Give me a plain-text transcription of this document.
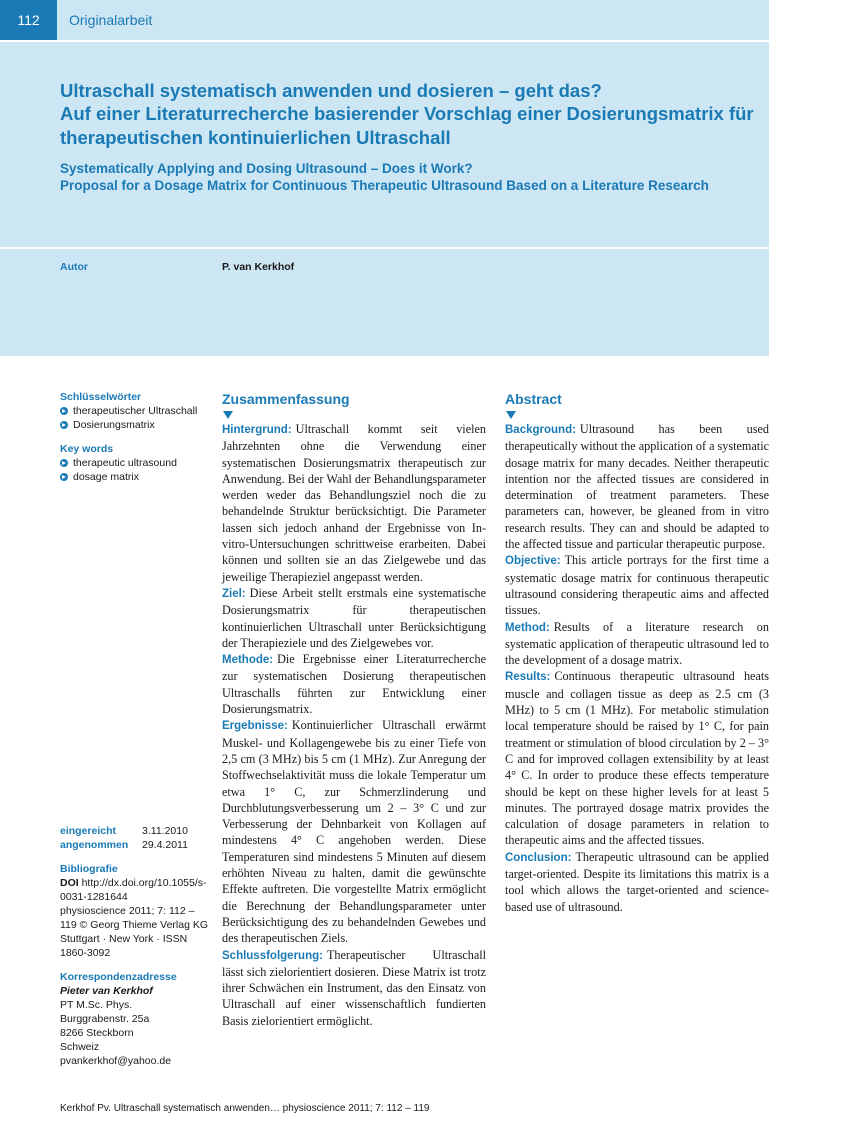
112	Originalarbeit
Ultraschall systematisch anwenden und dosieren – geht das?
Auf einer Literaturrecherche basierender Vorschlag einer Dosierungsmatrix für therapeutischen kontinuierlichen Ultraschall
Systematically Applying and Dosing Ultrasound – Does it Work?
Proposal for a Dosage Matrix for Continuous Therapeutic Ultrasound Based on a Literature Research
Autor	P. van Kerkhof

Schlüsselwörter

therapeutischer Ultraschall
Dosierungsmatrix

Key words

therapeutic ultrasound
dosage matrix
eingereicht 3.11.2010
angenommen 29.4.2011
Bibliografie
DOI http://dx.doi.org/10.1055/s-0031-1281644
physioscience 2011; 7: 112 – 119 © Georg Thieme Verlag KG Stuttgart · New York · ISSN 1860-3092
Korrespondenzadresse
Pieter van Kerkhof
PT M.Sc. Phys.
Burggrabenstr. 25a
8266 Steckborn
Schweiz
pvankerkhof@yahoo.de
Zusammenfassung

Hintergrund: Ultraschall kommt seit vielen Jahrzehnten ohne die Verwendung einer systematischen Dosierungsmatrix therapeutisch zur Anwendung. Bei der Wahl der Behandlungsparameter werden weder das Behandlungsziel noch die zu behandelnde Struktur berücksichtigt. Die Parameter lassen sich jedoch anhand der Ergebnisse von In-vitro-Untersuchungen schrittweise erarbeiten. Dabei können und sollten sie an das Zielgewebe und das jeweilige Therapieziel angepasst werden.

Ziel: Diese Arbeit stellt erstmals eine systematische Dosierungsmatrix für therapeutischen kontinuierlichen Ultraschall unter Berücksichtigung der Therapieziele und des Zielgewebes vor.

Methode: Die Ergebnisse einer Literaturrecherche zur systematischen Dosierung therapeutischen Ultraschalls führten zur Entwicklung einer Dosierungsmatrix.

Ergebnisse: Kontinuierlicher Ultraschall erwärmt Muskel- und Kollagengewebe bis zu einer Tiefe von 2,5 cm (3 MHz) bis 5 cm (1 MHz). Zur Anregung der Stoffwechselaktivität muss die lokale Temperatur um etwa 1° C, zur Schmerzlinderung und Durchblutungsverbesserung um 2 – 3° C und zur Verbesserung der Dehnbarkeit von Kollagen auf mindestens 4° C angehoben werden. Diese Temperaturen sind mindestens 5 Minuten auf diesem erhöhten Niveau zu halten, damit die gewünschte Effekte auftreten. Die vorgestellte Matrix ermöglicht die Berechnung der Behandlungsparameter unter Berücksichtigung des zu behandelnden Gewebes und des therapeutischen Ziels.

Schlussfolgerung: Therapeutischer Ultraschall lässt sich zielorientiert dosieren. Diese Matrix ist trotz ihrer Schwächen ein Instrument, das den Einsatz von Ultraschall auf einer wissenschaftlich fundierten Basis zielorientiert ermöglicht.

Abstract

Background: Ultrasound has been used therapeutically without the application of a systematic dosage matrix for many decades. Neither therapeutic intention nor the affected tissues are considered in determination of treatment parameters. These parameters can, however, be gleaned from in vitro research results. They can and should be adapted to the affected tissue and particular therapeutic purpose.

Objective: This article portrays for the first time a systematic dosage matrix for continuous therapeutic ultrasound considering therapeutic aims and affected tissues.

Method: Results of a literature research on systematic application of therapeutic ultrasound led to the development of a dosage matrix.

Results: Continuous therapeutic ultrasound heats muscle and collagen tissue as deep as 2.5 cm (3 MHz) to 5 cm (1 MHz). For metabolic stimulation local temperature should be raised by 1° C, for pain treatment or stimulation of blood circulation by 2 – 3° C and for improved collagen extensibility by at least 4° C. In order to produce these effects temperature should be kept on these higher levels for at least 5 minutes. The portrayed dosage matrix provides the calculation of dosage parameters in relation to therapeutic aims and the affected tissues.

Conclusion: Therapeutic ultrasound can be applied target-oriented. Despite its limitations this matrix is a tool which allows the target-oriented and science-based use of ultrasound.

Kerkhof Pv. Ultraschall systematisch anwenden… physioscience 2011; 7: 112 – 119
